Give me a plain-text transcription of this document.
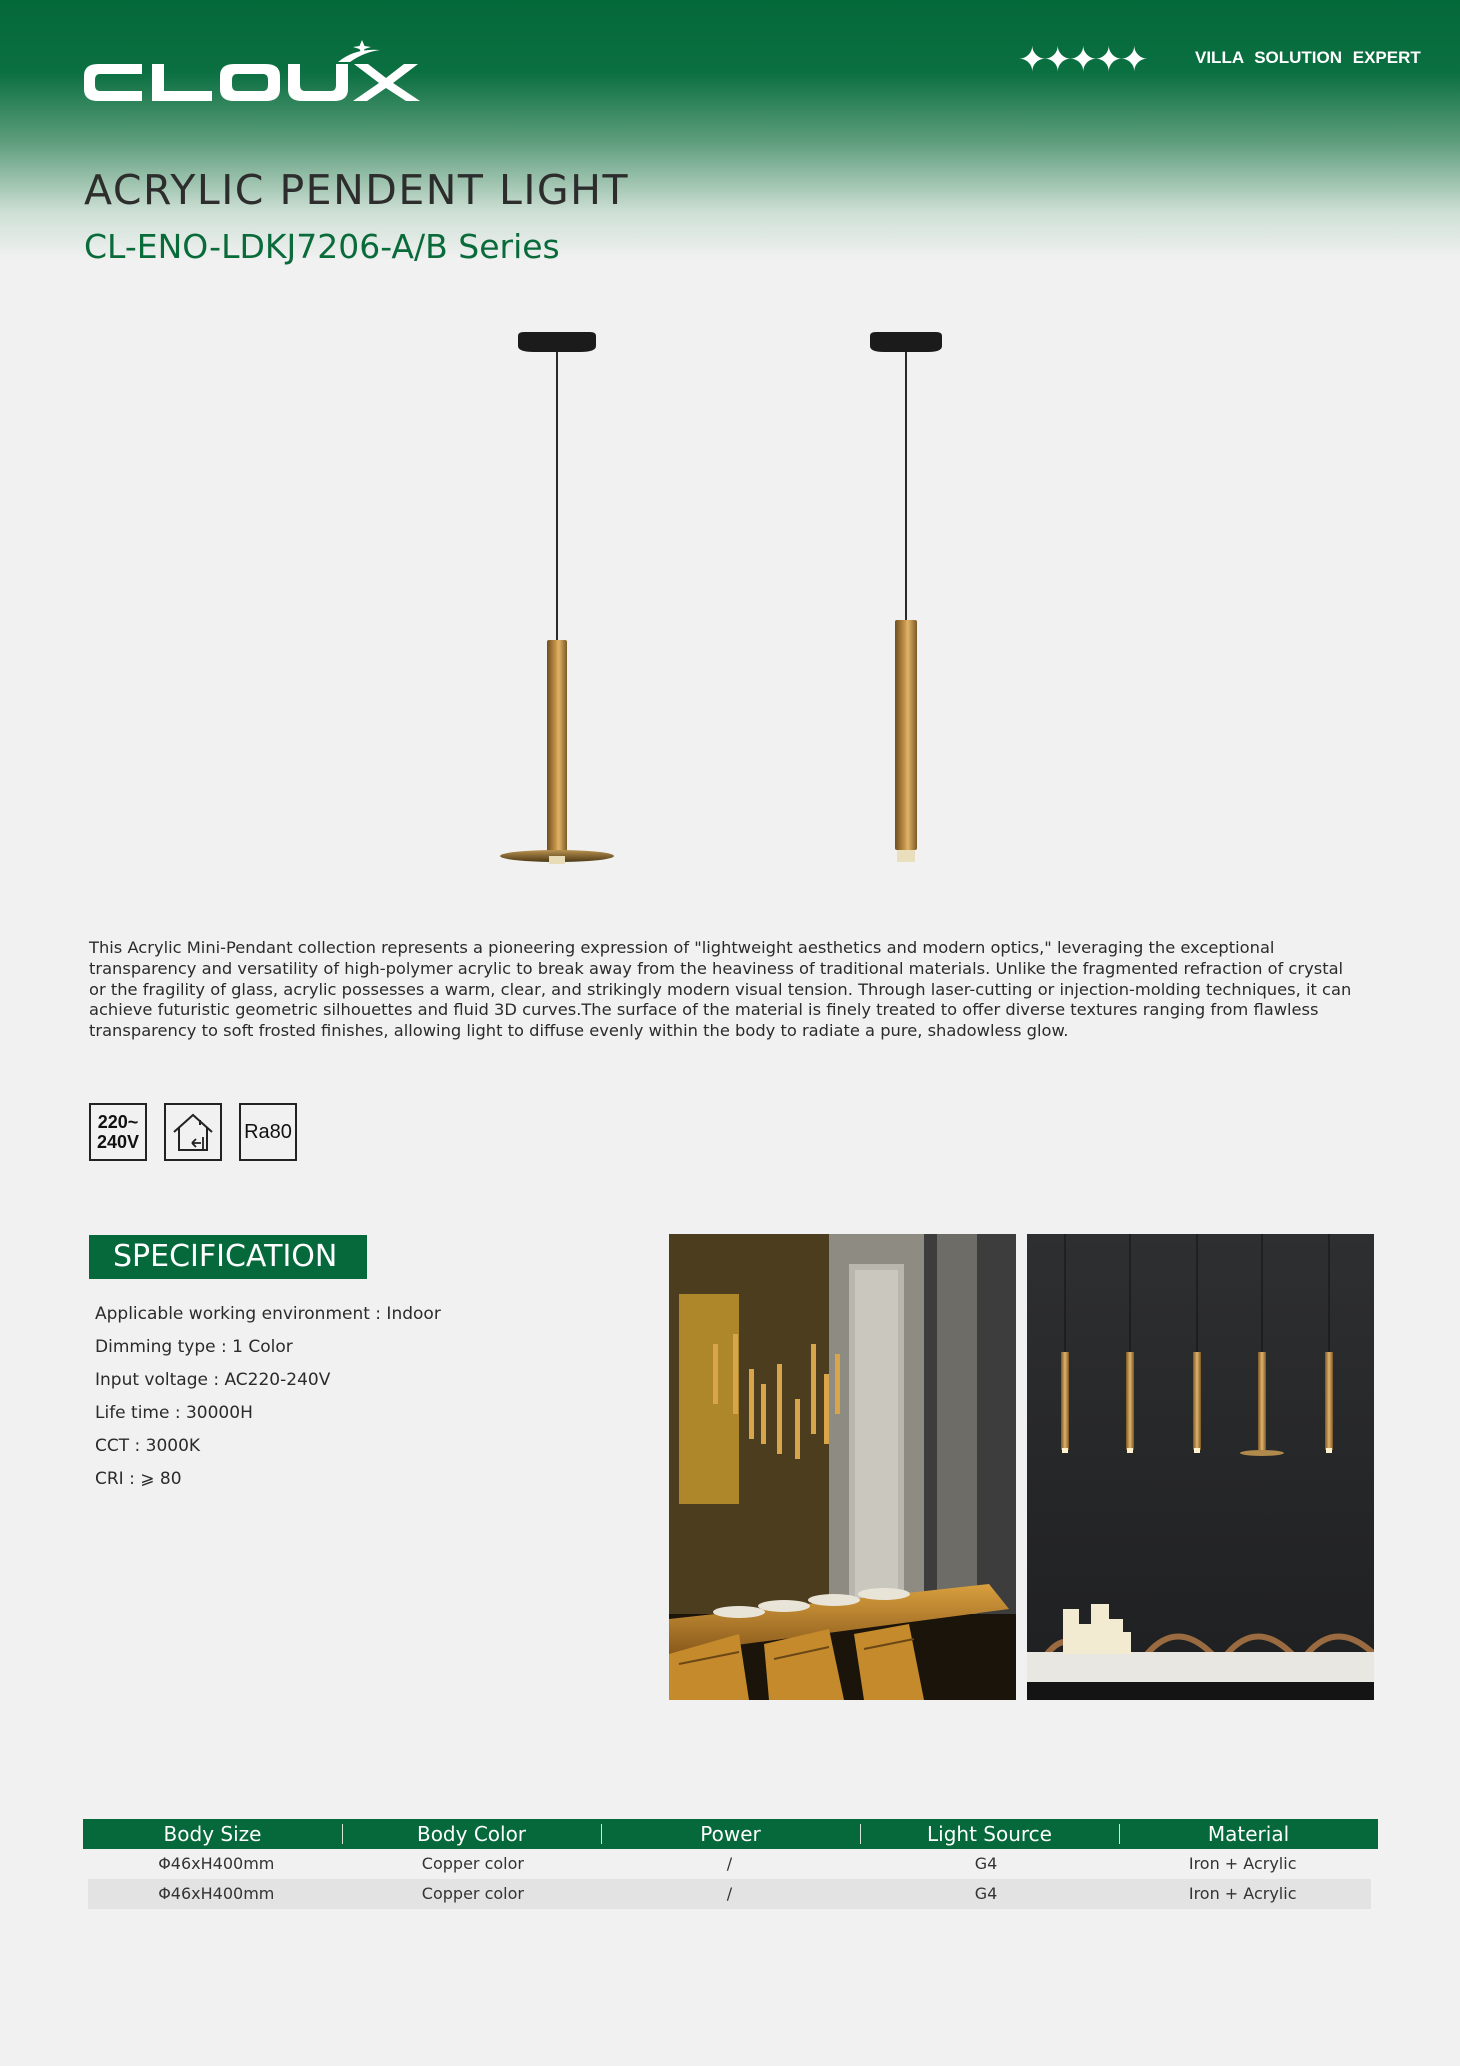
✦✦✦✦✦	VILLA SOLUTION EXPERT
ACRYLIC PENDENT LIGHT
CL-ENO-LDKJ7206-A/B Series

This Acrylic Mini-Pendant collection represents a pioneering expression of "lightweight aesthetics and modern optics," leveraging the exceptional transparency and versatility of high-polymer acrylic to break away from the heaviness of traditional materials. Unlike the fragmented refraction of crystal or the fragility of glass, acrylic possesses a warm, clear, and strikingly modern visual tension. Through laser-cutting or injection-molding techniques, it can achieve futuristic geometric silhouettes and fluid 3D curves.The surface of the material is finely treated to offer diverse textures ranging from flawless transparency to soft frosted finishes, allowing light to diffuse evenly within the body to radiate a pure, shadowless glow.

220~
240V	Ra80
SPECIFICATION
Applicable working environment : Indoor
Dimming type : 1 Color
Input voltage : AC220-240V
Life time : 30000H
CCT : 3000K
CRI : ⩾ 80
Body Size	Body Color	Power	Light Source	Material
Φ46xH400mm	Copper color	/	G4	Iron + Acrylic
Φ46xH400mm	Copper color	/	G4	Iron + Acrylic
